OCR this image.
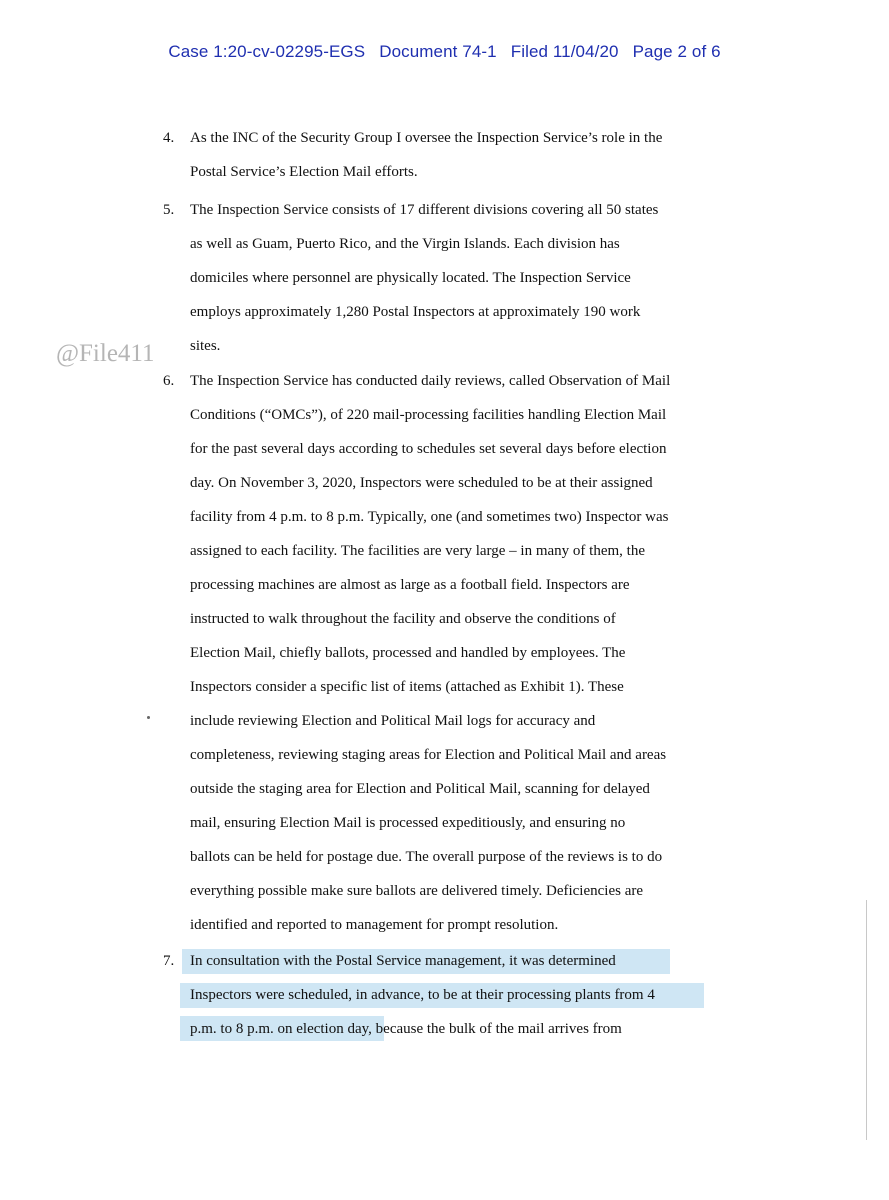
Case 1:20-cv-02295-EGS Document 74-1 Filed 11/04/20 Page 2 of 6
@File411
4. As the INC of the Security Group I oversee the Inspection Service’s role in the
Postal Service’s Election Mail efforts.
5. The Inspection Service consists of 17 different divisions covering all 50 states
as well as Guam, Puerto Rico, and the Virgin Islands. Each division has
domiciles where personnel are physically located. The Inspection Service
employs approximately 1,280 Postal Inspectors at approximately 190 work
sites.
6. The Inspection Service has conducted daily reviews, called Observation of Mail
Conditions (“OMCs”), of 220 mail-processing facilities handling Election Mail
for the past several days according to schedules set several days before election
day. On November 3, 2020, Inspectors were scheduled to be at their assigned
facility from 4 p.m. to 8 p.m. Typically, one (and sometimes two) Inspector was
assigned to each facility. The facilities are very large – in many of them, the
processing machines are almost as large as a football field. Inspectors are
instructed to walk throughout the facility and observe the conditions of
Election Mail, chiefly ballots, processed and handled by employees. The
Inspectors consider a specific list of items (attached as Exhibit 1). These
include reviewing Election and Political Mail logs for accuracy and
completeness, reviewing staging areas for Election and Political Mail and areas
outside the staging area for Election and Political Mail, scanning for delayed
mail, ensuring Election Mail is processed expeditiously, and ensuring no
ballots can be held for postage due. The overall purpose of the reviews is to do
everything possible make sure ballots are delivered timely. Deficiencies are
identified and reported to management for prompt resolution.
7. In consultation with the Postal Service management, it was determined
Inspectors were scheduled, in advance, to be at their processing plants from 4
p.m. to 8 p.m. on election day, because the bulk of the mail arrives from
